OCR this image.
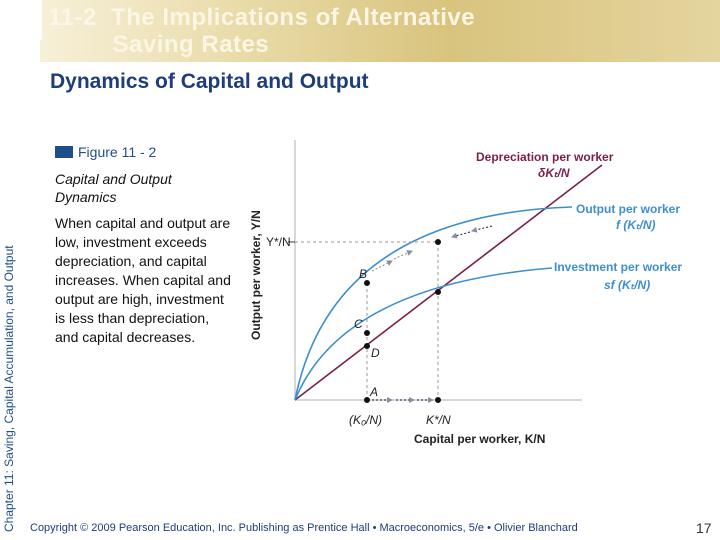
11-2  The Implications of Alternative
Saving Rates
Dynamics of Capital and Output
Chapter 11: Saving, Capital Accumulation, and Output
Figure 11 - 2
Capital and Output Dynamics
When capital and output are low, investment exceeds depreciation, and capital increases. When capital and output are high, investment is less than depreciation, and capital decreases.	Output per worker, Y/N
Capital per worker, K/N
Y*/N
(K₀/N)	K*/N
B
C
D
A
Depreciation per worker
δKₜ/N
Output per worker
f (Kₜ/N)
Investment per worker
sf (Kₜ/N)
Copyright © 2009 Pearson Education, Inc. Publishing as Prentice Hall • Macroeconomics, 5/e • Olivier Blanchard	17
